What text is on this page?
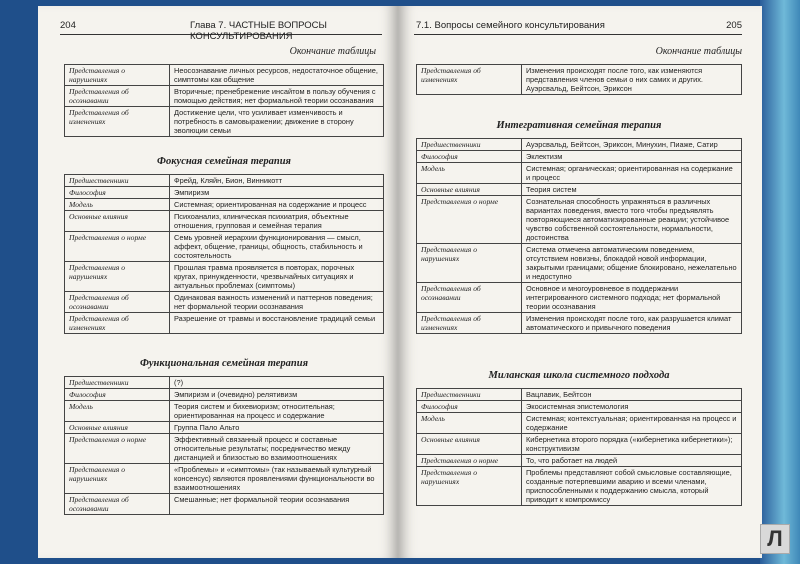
204	Глава 7. ЧАСТНЫЕ ВОПРОСЫ КОНСУЛЬТИРОВАНИЯ
Окончание таблицы
Представления о нарушениях	Неосознавание личных ресурсов, недостаточное общение, симптомы как общение
Представления об осознавании	Вторичные; пренебрежение инсайтом в пользу обучения с помощью действия; нет формальной теории осознавания
Представления об изменениях	Достижение цели, что усиливает изменчивость и потребность в самовыражении; движение в сторону эволюции семьи
Фокусная семейная терапия
Предшественники	Фрейд, Кляйн, Бион, Винникотт
Философия	Эмпиризм
Модель	Системная; ориентированная на содержание и процесс
Основные влияния	Психоанализ, клиническая психиатрия, объектные отношения, групповая и семейная терапия
Представления о норме	Семь уровней иерархии функционирования — смысл, аффект, общение, границы, общность, стабильность и состоятельность
Представления о нарушениях	Прошлая травма проявляется в повторах, порочных кругах, принужденности, чрезвычайных ситуациях и актуальных проблемах (симптомы)
Представления об осознавании	Одинаковая важность изменений и паттернов поведения; нет формальной теории осознавания
Представления об изменениях	Разрешение от травмы и восстановление традиций семьи
Функциональная семейная терапия
Предшественники	(?)
Философия	Эмпиризм и (очевидно) релятивизм
Модель	Теория систем и бихевиоризм; относительная; ориентированная на процесс и содержание
Основные влияния	Группа Пало Альто
Представления о норме	Эффективный связанный процесс и составные относительные результаты; посредничество между дистанцией и близостью во взаимоотношениях
Представления о нарушениях	«Проблемы» и «симптомы» (так называемый культурный консенсус) являются проявлениями функциональности во взаимоотношениях
Представления об осознавании	Смешанные; нет формальной теории осознавания
7.1. Вопросы семейного консультирования	205
Окончание таблицы
Представления об изменениях	Изменения происходят после того, как изменяются представления членов семьи о них самих и других. Ауэрсвальд, Бейтсон, Эриксон
Интегративная семейная терапия
Предшественники	Ауэрсвальд, Бейтсон, Эриксон, Минухин, Пиаже, Сатир
Философия	Эклектизм
Модель	Системная; органическая; ориентированная на содержание и процесс
Основные влияния	Теория систем
Представления о норме	Сознательная способность упражняться в различных вариантах поведения, вместо того чтобы предъявлять повторяющиеся автоматизированные реакции; устойчивое чувство собственной состоятельности, нормальности, достоинства
Представления о нарушениях	Система отмечена автоматическим поведением, отсутствием новизны, блокадой новой информации, закрытыми границами; общение блокировано, нежелательно и недоступно
Представления об осознавании	Основное и многоуровневое в поддержании интегрированного системного подхода; нет формальной теории осознавания
Представления об изменениях	Изменения происходят после того, как разрушается климат автоматического и привычного поведения
Миланская школа системного подхода
Предшественники	Вацлавик, Бейтсон
Философия	Экосистемная эпистемология
Модель	Системная; контекстуальная; ориентированная на процесс и содержание
Основные влияния	Кибернетика второго порядка («кибернетика кибернетики»); конструктивизм
Представления о норме	То, что работает на людей
Представления о нарушениях	Проблемы представляют собой смысловые составляющие, созданные потерпевшими аварию и всеми членами, приспособленными к поддержанию смысла, который приводит к компромиссу
Л
